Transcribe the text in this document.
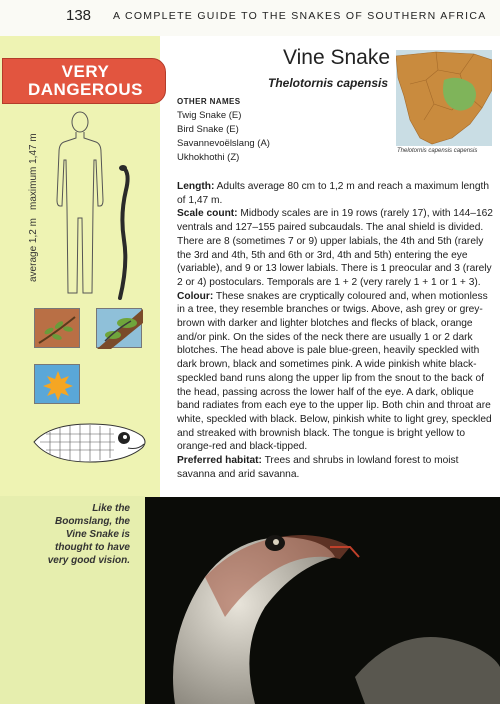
138 A COMPLETE GUIDE TO THE SNAKES OF SOUTHERN AFRICA
VERY
DANGEROUS
average 1,2 m
maximum 1,47 m
Like the Boomslang, the Vine Snake is thought to have very good vision.
Vine Snake
Thelotornis capensis
OTHER NAMES
Twig Snake (E)
Bird Snake (E)
Savannevoëlslang (A)
Ukhokhothi (Z)
Thelotornis capensis capensis

Length: Adults average 80 cm to 1,2 m and reach a maximum length of 1,47 m.

Scale count: Midbody scales are in 19 rows (rarely 17), with 144–162 ventrals and 127–155 paired subcaudals. The anal shield is divided. There are 8 (sometimes 7 or 9) upper labials, the 4th and 5th (rarely the 3rd and 4th, 5th and 6th or 3rd, 4th and 5th) entering the eye (variable), and 9 or 13 lower labials. There is 1 preocular and 3 (rarely 2 or 4) postoculars. Temporals are 1 + 2 (very rarely 1 + 1 or 1 + 3).

Colour: These snakes are cryptically coloured and, when motionless in a tree, they resemble branches or twigs. Above, ash grey or grey-brown with darker and lighter blotches and flecks of black, orange and/or pink. On the sides of the neck there are usually 1 or 2 dark blotches. The head above is pale blue-green, heavily speckled with dark brown, black and sometimes pink. A wide pinkish white black-speckled band runs along the upper lip from the snout to the back of the head, passing across the lower half of the eye. A dark, oblique band radiates from each eye to the upper lip. Both chin and throat are white, speckled with black. Below, pinkish white to light grey, speckled and streaked with brownish black. The tongue is bright yellow to orange-red and black-tipped.

Preferred habitat: Trees and shrubs in lowland forest to moist savanna and arid savanna.
